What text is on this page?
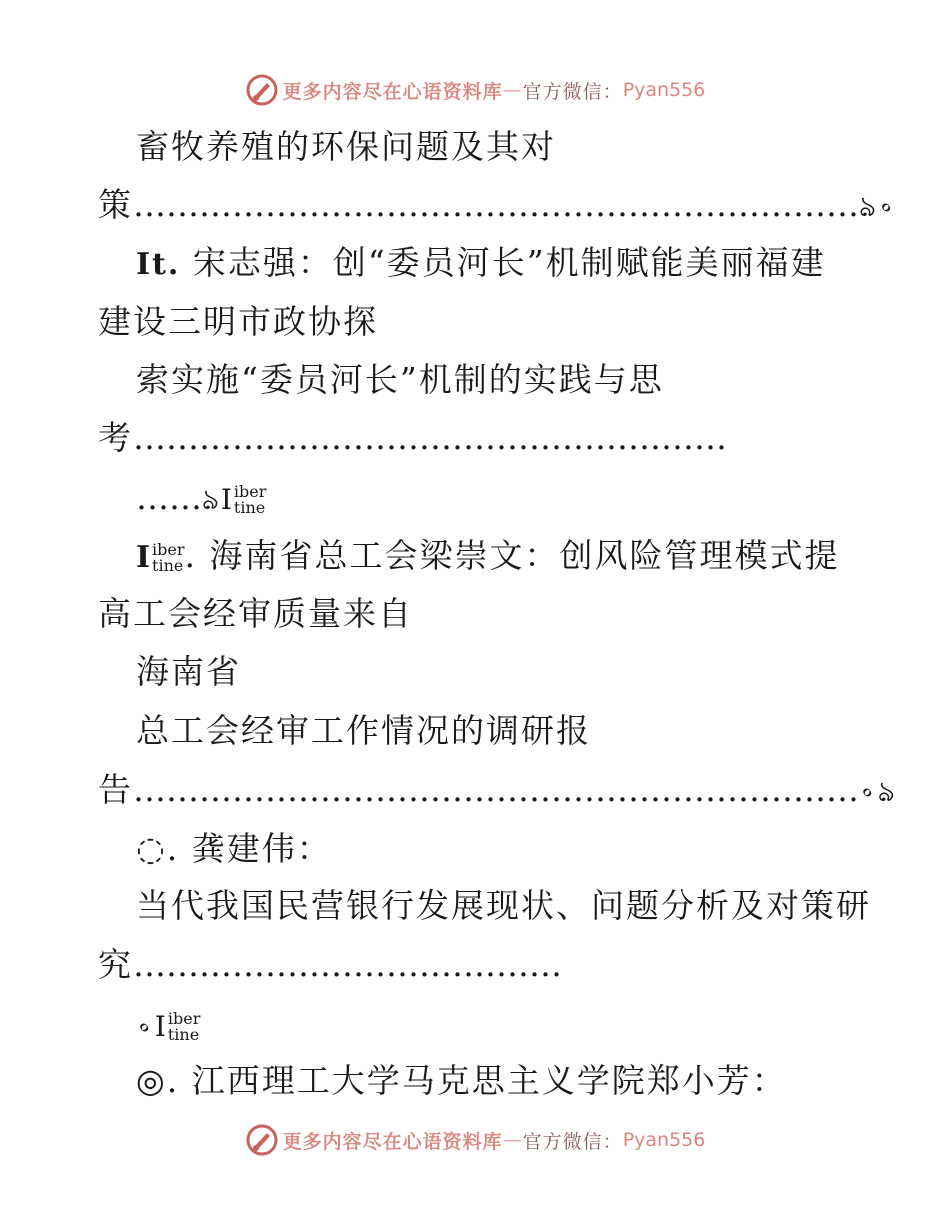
更多内容尽在心语资料库 — 官方微信： Pyan556
畜牧养殖的环保问题及其对
策…………………………………………………………ঌ꠶
It. 宋志强：创“委员河长”机制赋能美丽福建
建设三明市政协探
索实施“委员河长”机制的实践与思
考………………………………………………
……ঌI iber
tine
I iber
tine . 海南省总工会梁崇文：创风险管理模式提
高工会经审质量来自
海南省
总工会经审工作情况的调研报
告…………………………………………………………꠶ঌ
◌. 龚建伟：
当代我国民营银行发展现状、问题分析及对策研
究…………………………………
꠶I iber
tine
◎. 江西理工大学马克思主义学院郑小芳：
更多内容尽在心语资料库 — 官方微信： Pyan556
